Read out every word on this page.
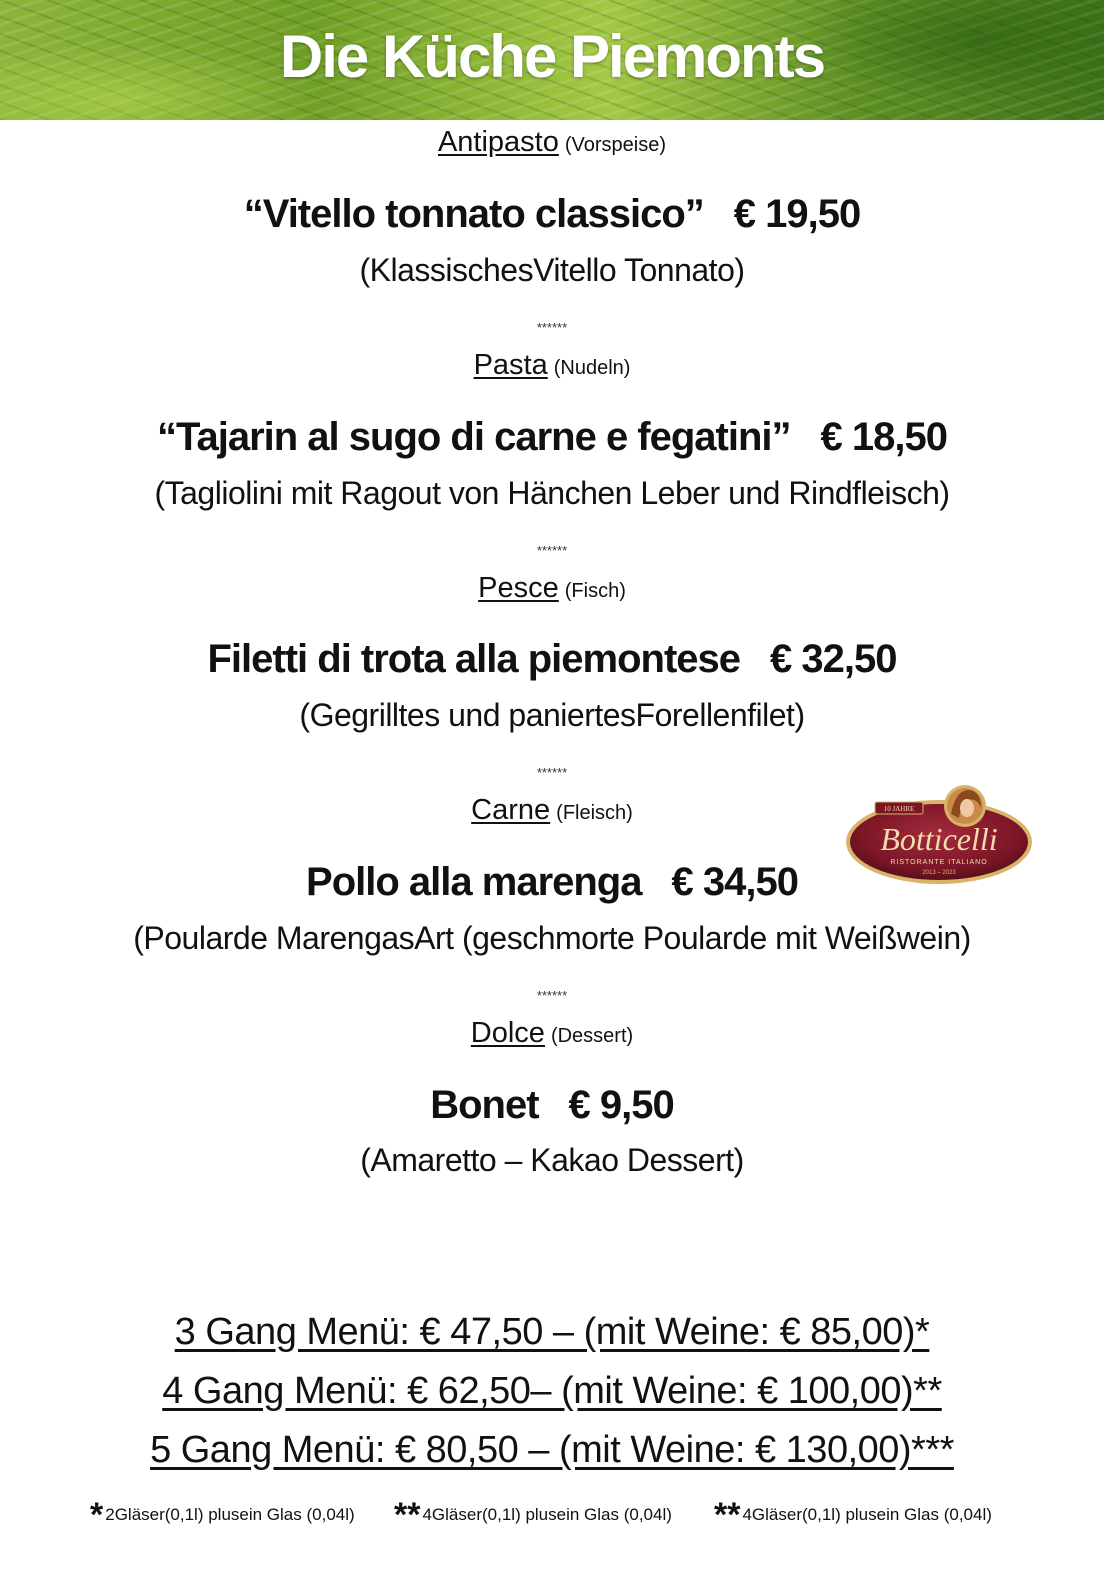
Die Küche Piemonts
Antipasto (Vorspeise)
“Vitello tonnato classico” € 19,50
(KlassischesVitello Tonnato)
******
Pasta (Nudeln)
“Tajarin al sugo di carne e fegatini” € 18,50
(Tagliolini mit Ragout von Hänchen Leber und Rindfleisch)
******
Pesce (Fisch)
Filetti di trota alla piemontese € 32,50
(Gegrilltes und paniertesForellenfilet)
******
Carne (Fleisch)
Pollo alla marenga € 34,50
(Poularde MarengasArt (geschmorte Poularde mit Weißwein)
******
Dolce (Dessert)
Bonet € 9,50
(Amaretto – Kakao Dessert)
10 JAHRE
Botticelli
RISTORANTE ITALIANO
2013 – 2023
3 Gang Menü: € 47,50 – (mit Weine: € 85,00)*
4 Gang Menü: € 62,50– (mit Weine: € 100,00)**
5 Gang Menü: € 80,50 – (mit Weine: € 130,00)***
* 2Gläser(0,1l) plusein Glas (0,04l) ** 4Gläser(0,1l) plusein Glas (0,04l) ** 4Gläser(0,1l) plusein Glas (0,04l)
